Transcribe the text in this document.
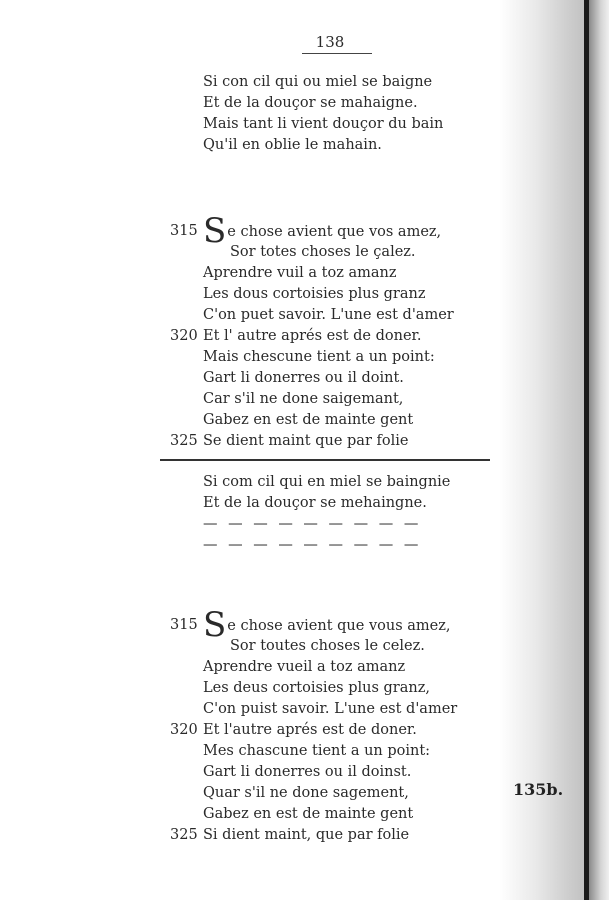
138
Si con cil qui ou miel se baigne
Et de la douçor se mahaigne.
Mais tant li vient douçor du bain
Qu'il en oblie le mahain.
315 Se chose avient que vos amez,
Sor totes choses le çalez.
Aprendre vuil a toz amanz
Les dous cortoisies plus granz
C'on puet savoir. L'une est d'amer
320 Et l' autre aprés est de doner.
Mais chescune tient a un point:
Gart li donerres ou il doint.
Car s'il ne done saigemant,
Gabez en est de mainte gent
325 Se dient maint que par folie
Si com cil qui en miel se baingnie
Et de la douçor se mehaingne.
— — — — — — — — —
— — — — — — — — —
315 Se chose avient que vous amez,
Sor toutes choses le celez.
Aprendre vueil a toz amanz
Les deus cortoisies plus granz,
C'on puist savoir. L'une est d'amer
320 Et l'autre aprés est de doner.
Mes chascune tient a un point:
Gart li donerres ou il doinst.
Quar s'il ne done sagement,
Gabez en est de mainte gent
325 Si dient maint, que par folie
135b.
